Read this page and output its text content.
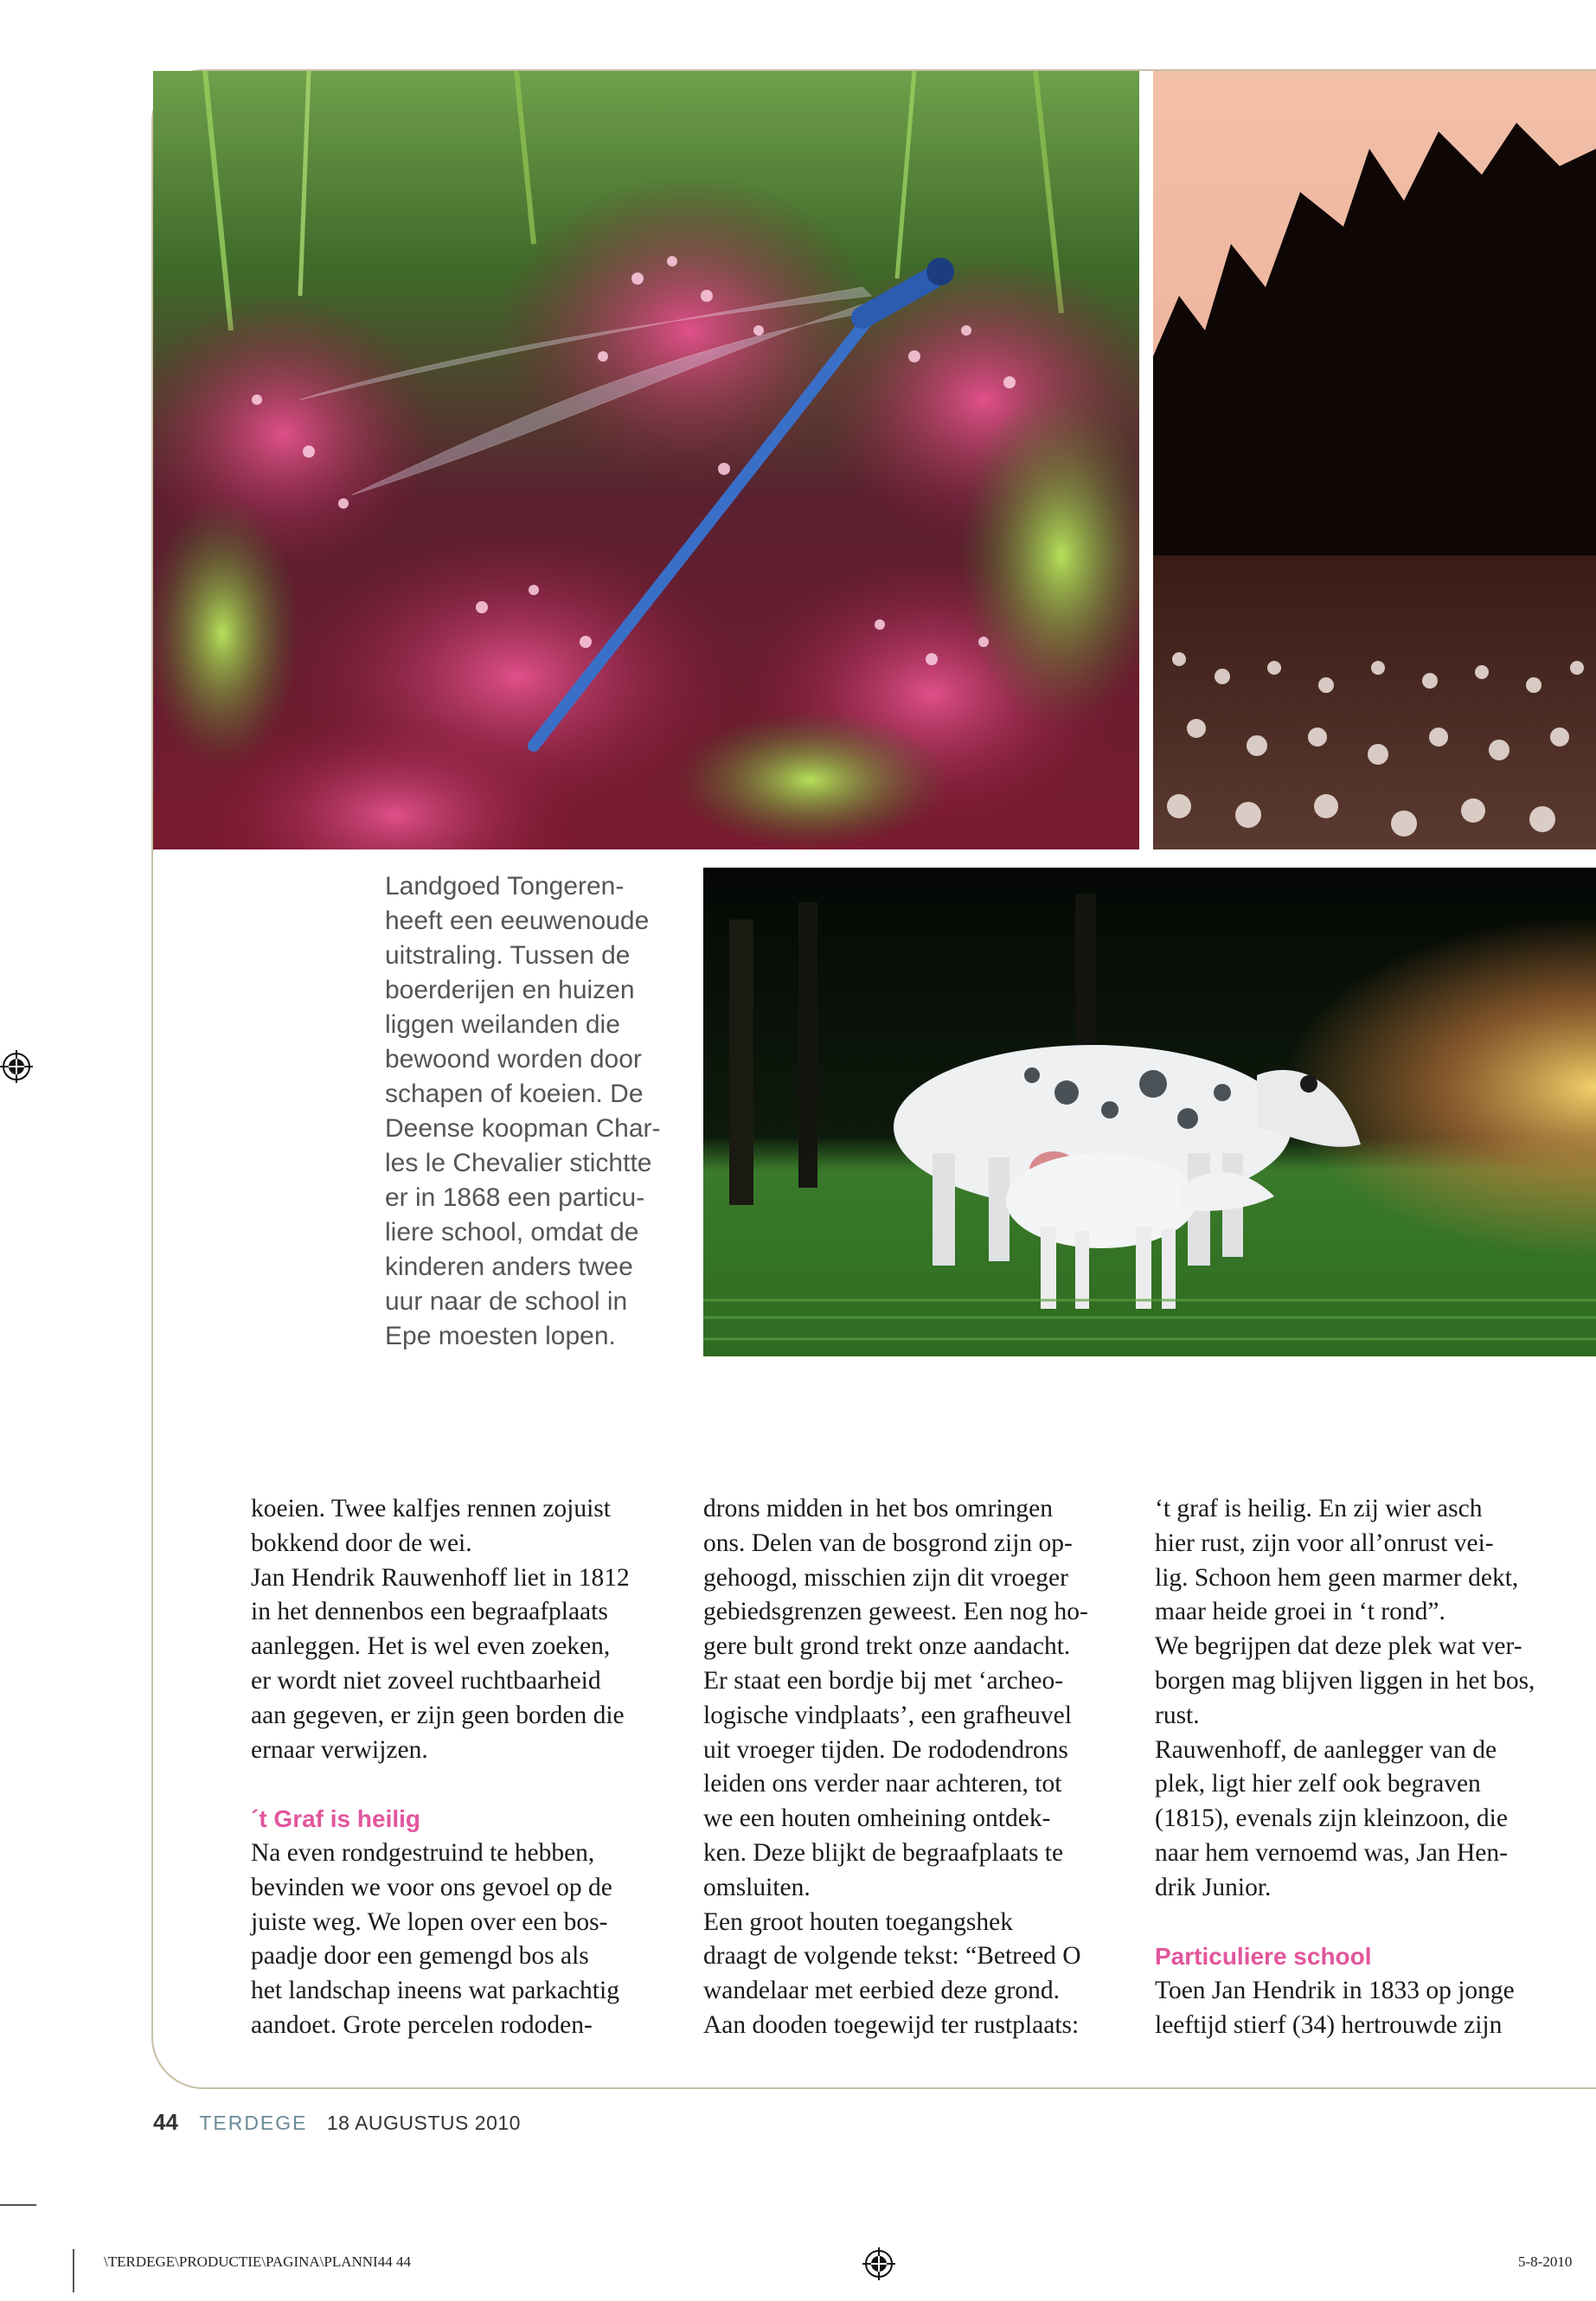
Landgoed Tongeren-
heeft een eeuwenoude
uitstraling. Tussen de
boerderijen en huizen
liggen weilanden die
bewoond worden door
schapen of koeien. De
Deense koopman Char-
les le Chevalier stichtte
er in 1868 een particu-
liere school, omdat de
kinderen anders twee
uur naar de school in
Epe moesten lopen.
koeien. Twee kalfjes rennen zojuist
bokkend door de wei.
Jan Hendrik Rauwenhoff liet in 1812
in het dennenbos een begraafplaats
aanleggen. Het is wel even zoeken,
er wordt niet zoveel ruchtbaarheid
aan gegeven, er zijn geen borden die
ernaar verwijzen.
´t Graf is heilig
Na even rondgestruind te hebben,
bevinden we voor ons gevoel op de
juiste weg. We lopen over een bos-
paadje door een gemengd bos als
het landschap ineens wat parkachtig
aandoet. Grote percelen rododen-
drons midden in het bos omringen
ons. Delen van de bosgrond zijn op-
gehoogd, misschien zijn dit vroeger
gebiedsgrenzen geweest. Een nog ho-
gere bult grond trekt onze aandacht.
Er staat een bordje bij met ‘archeo-
logische vindplaats’, een grafheuvel
uit vroeger tijden. De rododendrons
leiden ons verder naar achteren, tot
we een houten omheining ontdek-
ken. Deze blijkt de begraafplaats te
omsluiten.
Een groot houten toegangshek
draagt de volgende tekst: “Betreed O
wandelaar met eerbied deze grond.
Aan dooden toegewijd ter rustplaats:
‘t graf is heilig. En zij wier asch
hier rust, zijn voor all’onrust vei-
lig. Schoon hem geen marmer dekt,
maar heide groei in ‘t rond”.
We begrijpen dat deze plek wat ver-
borgen mag blijven liggen in het bos,
rust.
Rauwenhoff, de aanlegger van de
plek, ligt hier zelf ook begraven
(1815), evenals zijn kleinzoon, die
naar hem vernoemd was, Jan Hen-
drik Junior.
Particuliere school
Toen Jan Hendrik in 1833 op jonge
leeftijd stierf (34) hertrouwde zijn
44 TERDEGE 18 AUGUSTUS 2010
\TERDEGE\PRODUCTIE\PAGINA\PLANNI44 44	5-8-2010
